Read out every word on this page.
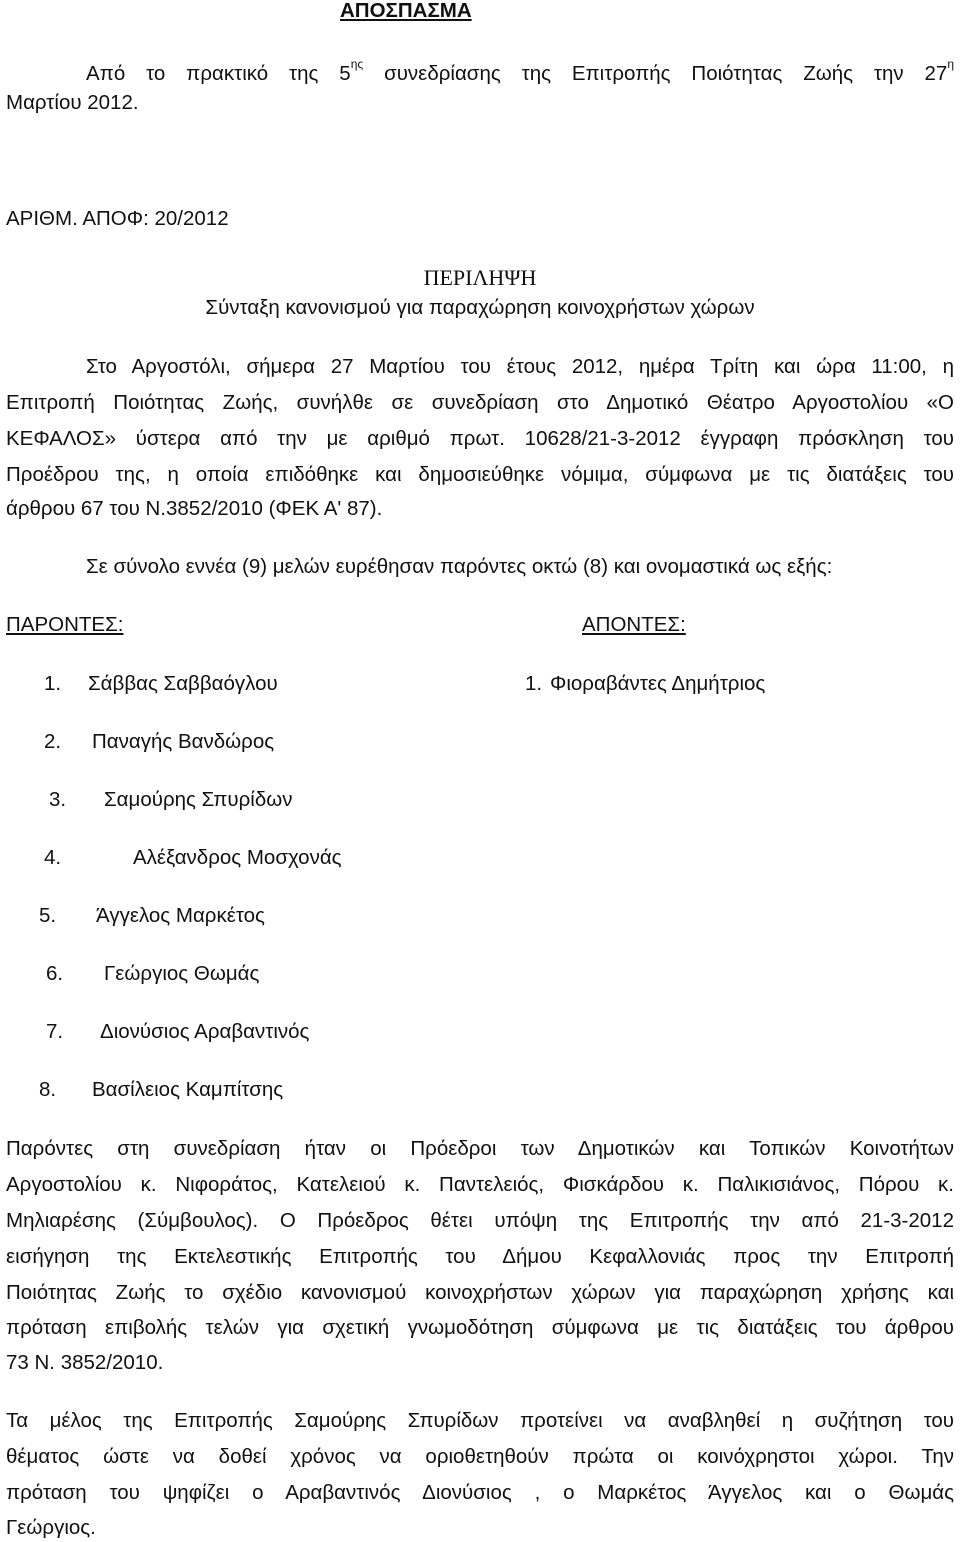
ΑΠΟΣΠΑΣΜΑ
Από το πρακτικό της $5^{\eta\varsigma}$ συνεδρίασης της Επιτροπής Ποιότητας Ζωής την $27^\eta$
Μαρτίου 2012.
ΑΡΙΘΜ. ΑΠΟΦ: 20/2012
ΠΕΡΙΛΗΨΗ
Σύνταξη κανονισμού για παραχώρηση κοινοχρήστων χώρων
Στο Αργοστόλι, σήμερα 27 Μαρτίου του έτους 2012, ημέρα Τρίτη και ώρα 11:00, η
Επιτροπή Ποιότητας Ζωής, συνήλθε σε συνεδρίαση στο Δημοτικό Θέατρο Αργοστολίου «Ο
ΚΕΦΑΛΟΣ» ύστερα από την με αριθμό πρωτ. 10628/21-3-2012 έγγραφη πρόσκληση του
Προέδρου της, η οποία επιδόθηκε και δημοσιεύθηκε νόμιμα, σύμφωνα με τις διατάξεις του
άρθρου 67 του Ν.3852/2010 (ΦΕΚ Α' 87).
Σε σύνολο εννέα (9) μελών ευρέθησαν παρόντες οκτώ (8) και ονομαστικά ως εξής:
ΠΑΡΟΝΤΕΣ:	ΑΠΟΝΤΕΣ:
1. Σάββας Σαββαόγλου	1. Φιοραβάντες Δημήτριος
2. Παναγής Βανδώρος
3. Σαμούρης Σπυρίδων
4.	Αλέξανδρος Μοσχονάς
5. Άγγελος Μαρκέτος
6. Γεώργιος Θωμάς
7. Διονύσιος Αραβαντινός
8. Βασίλειος Καμπίτσης
Παρόντες στη συνεδρίαση ήταν οι Πρόεδροι των Δημοτικών και Τοπικών Κοινοτήτων
Αργοστολίου κ. Νιφοράτος, Κατελειού κ. Παντελειός, Φισκάρδου κ. Παλικισιάνος, Πόρου κ.
Μηλιαρέσης (Σύμβουλος). Ο Πρόεδρος θέτει υπόψη της Επιτροπής την από 21-3-2012
εισήγηση της Εκτελεστικής Επιτροπής του Δήμου Κεφαλλονιάς προς την Επιτροπή
Ποιότητας Ζωής το σχέδιο κανονισμού κοινοχρήστων χώρων για παραχώρηση χρήσης και
πρόταση επιβολής τελών για σχετική γνωμοδότηση σύμφωνα με τις διατάξεις του άρθρου
73 Ν. 3852/2010.
Τα μέλος της Επιτροπής Σαμούρης Σπυρίδων προτείνει να αναβληθεί η συζήτηση του
θέματος ώστε να δοθεί χρόνος να οριοθετηθούν πρώτα οι κοινόχρηστοι χώροι. Την
πρόταση του ψηφίζει ο Αραβαντινός Διονύσιος , ο Μαρκέτος Άγγελος και ο Θωμάς
Γεώργιος.
